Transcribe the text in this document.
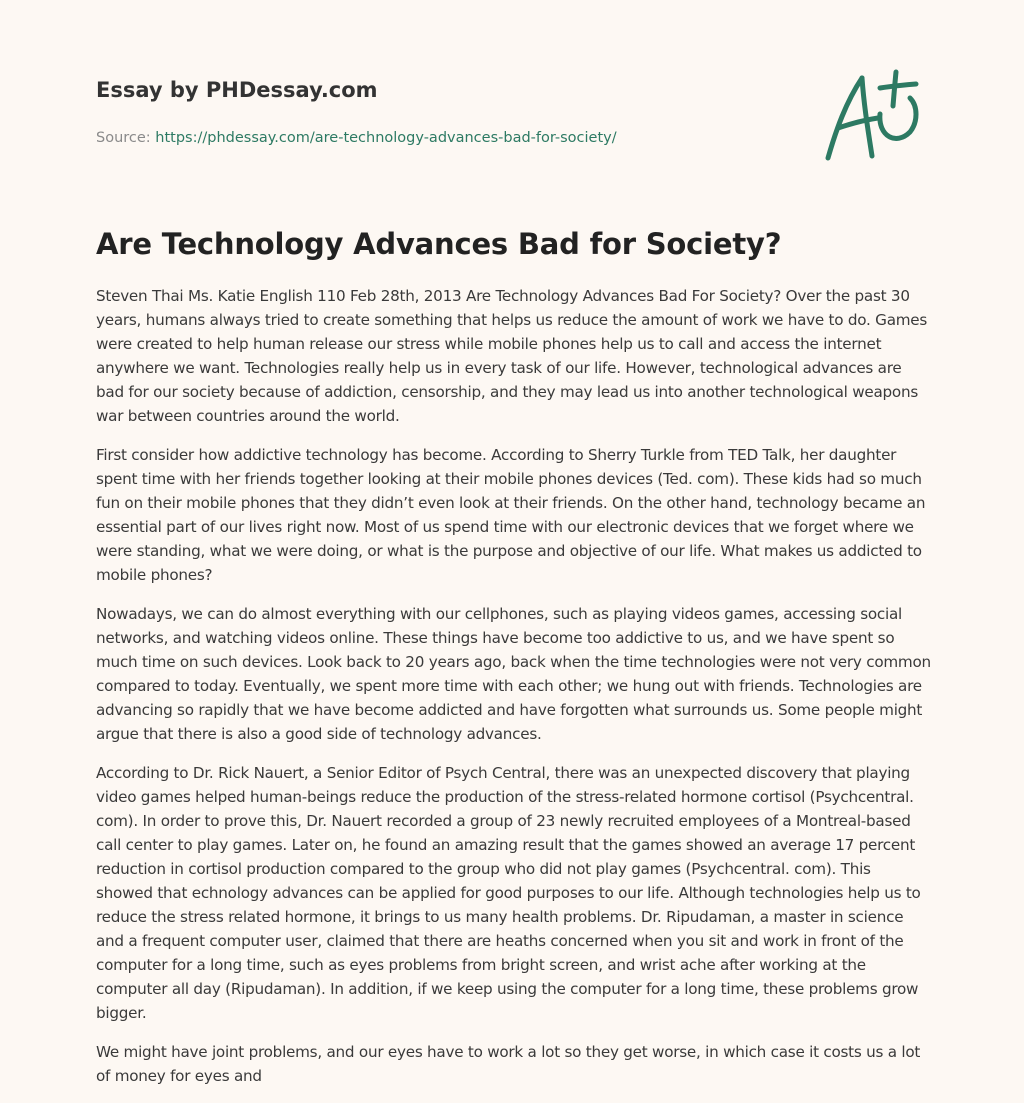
Essay by PHDessay.com
Source: https://phdessay.com/are-technology-advances-bad-for-society/
Are Technology Advances Bad for Society?

Steven Thai Ms. Katie English 110 Feb 28th, 2013 Are Technology Advances Bad For Society? Over the past 30 years, humans always tried to create something that helps us reduce the amount of work we have to do. Games were created to help human release our stress while mobile phones help us to call and access the internet anywhere we want. Technologies really help us in every task of our life. However, technological advances are bad for our society because of addiction, censorship, and they may lead us into another technological weapons war between countries around the world.

First consider how addictive technology has become. According to Sherry Turkle from TED Talk, her daughter spent time with her friends together looking at their mobile phones devices (Ted. com). These kids had so much fun on their mobile phones that they didn’t even look at their friends. On the other hand, technology became an essential part of our lives right now. Most of us spend time with our electronic devices that we forget where we were standing, what we were doing, or what is the purpose and objective of our life. What makes us addicted to mobile phones?

Nowadays, we can do almost everything with our cellphones, such as playing videos games, accessing social networks, and watching videos online. These things have become too addictive to us, and we have spent so much time on such devices. Look back to 20 years ago, back when the time technologies were not very common compared to today. Eventually, we spent more time with each other; we hung out with friends. Technologies are advancing so rapidly that we have become addicted and have forgotten what surrounds us. Some people might argue that there is also a good side of technology advances.

According to Dr. Rick Nauert, a Senior Editor of Psych Central, there was an unexpected discovery that playing video games helped human-beings reduce the production of the stress-related hormone cortisol (Psychcentral. com). In order to prove this, Dr. Nauert recorded a group of 23 newly recruited employees of a Montreal-based call center to play games. Later on, he found an amazing result that the games showed an average 17 percent reduction in cortisol production compared to the group who did not play games (Psychcentral. com). This showed that echnology advances can be applied for good purposes to our life. Although technologies help us to reduce the stress related hormone, it brings to us many health problems. Dr. Ripudaman, a master in science and a frequent computer user, claimed that there are heaths concerned when you sit and work in front of the computer for a long time, such as eyes problems from bright screen, and wrist ache after working at the computer all day (Ripudaman). In addition, if we keep using the computer for a long time, these problems grow bigger.

We might have joint problems, and our eyes have to work a lot so they get worse, in which case it costs us a lot of money for eyes and
